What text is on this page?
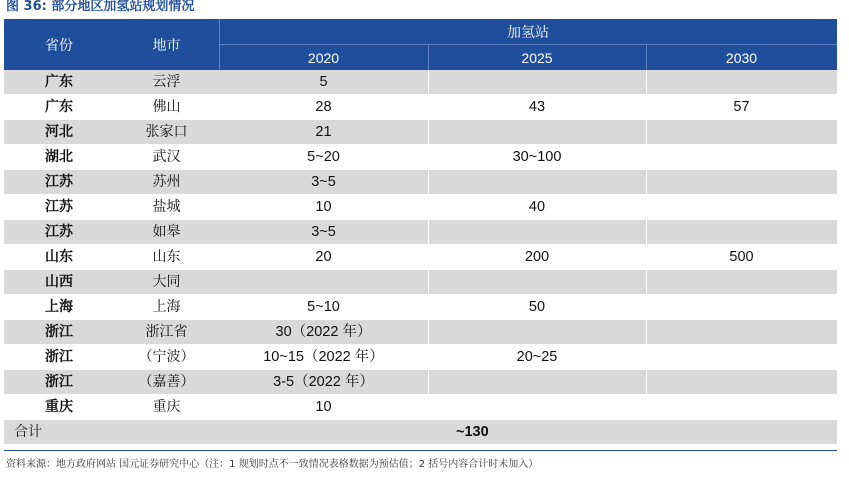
图 36: 部分地区加氢站规划情况
省份	地市
加氢站
2020	2025	2030
广东	云浮	5
广东	佛山	28	43	57
河北	张家口	21
湖北	武汉	5~20	30~100
江苏	苏州	3~5
江苏	盐城	10	40
江苏	如皋	3~5
山东	山东	20	200	500
山西	大同
上海	上海	5~10	50
浙江	浙江省	30（2022 年）
浙江	（宁波）	10~15（2022 年）	20~25
浙江	（嘉善）	3-5（2022 年）
重庆	重庆	10
合计	~130
资料来源：地方政府网站 国元证券研究中心（注：1 规划时点不一致情况表格数据为预估值；2 括号内容合计时未加入）
